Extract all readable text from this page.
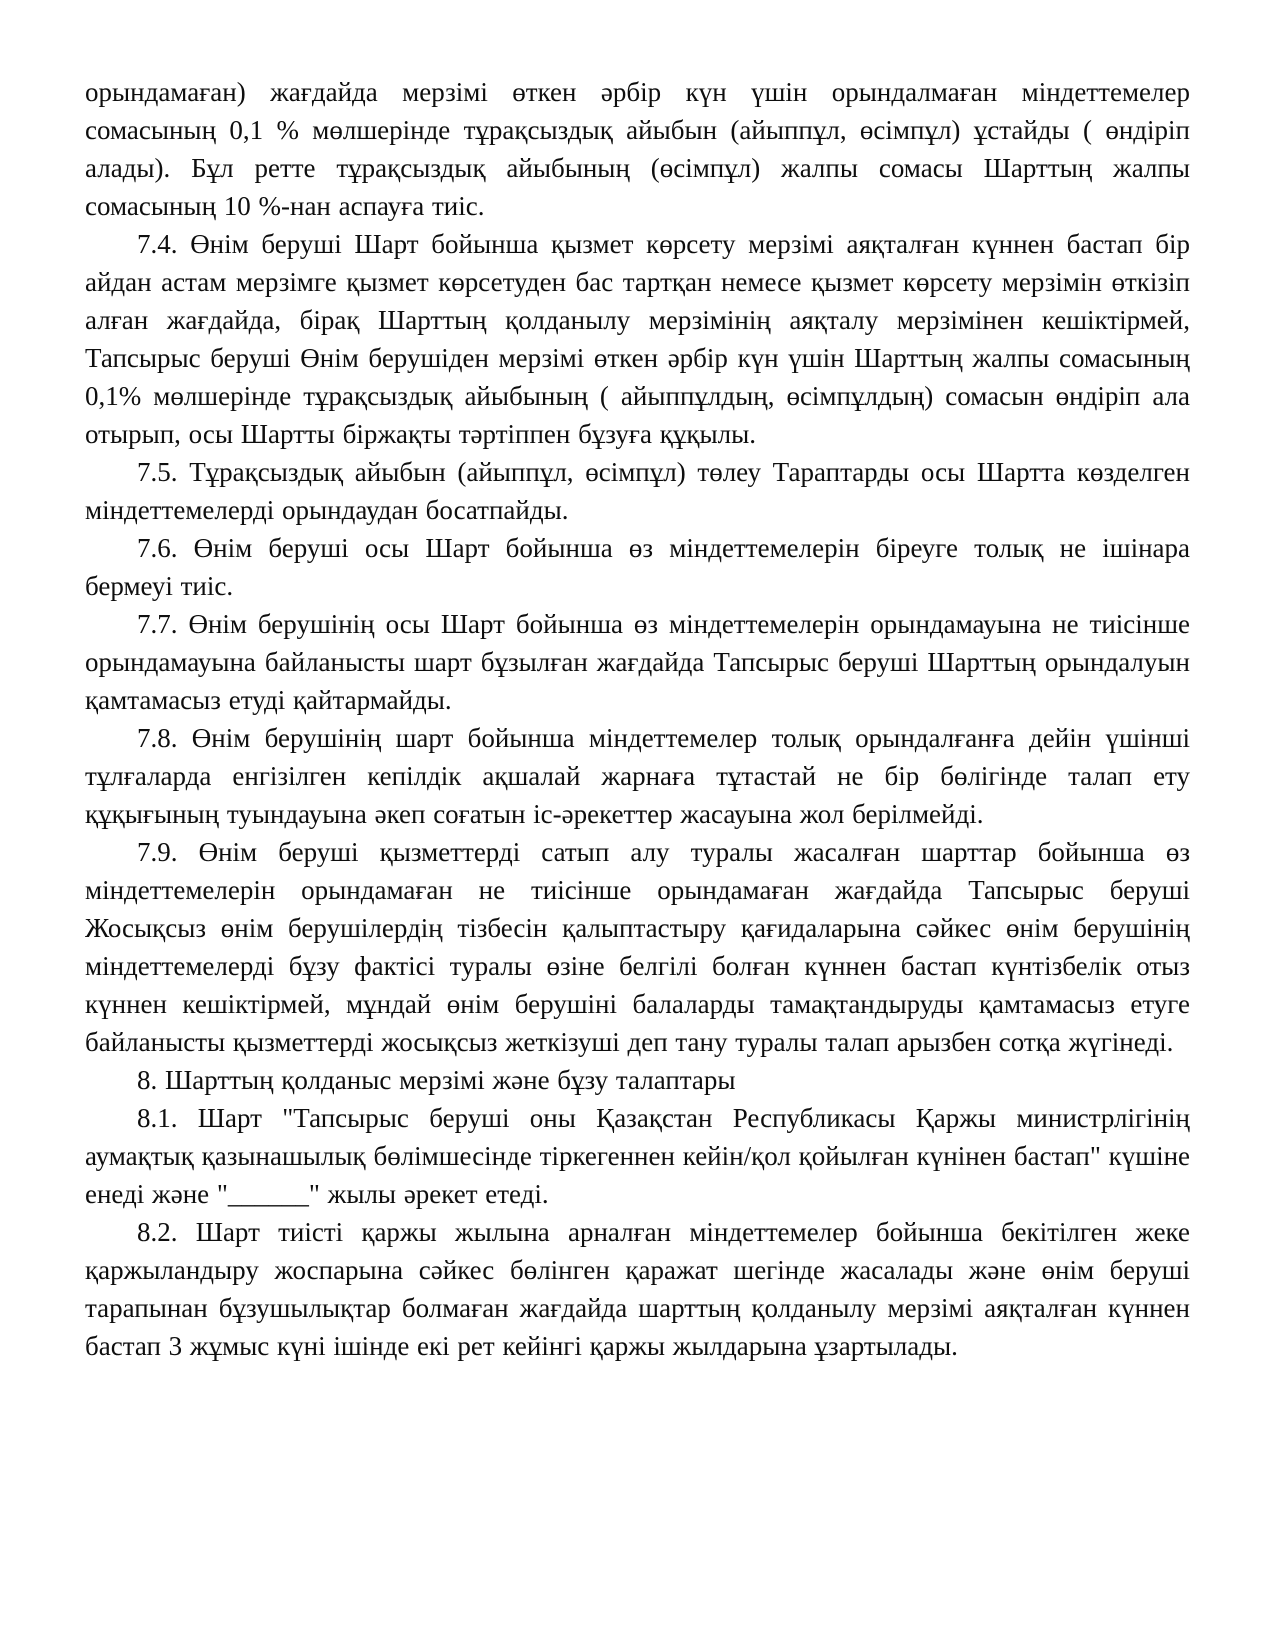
орындамаған) жағдайда мерзімі өткен әрбір күн үшін орындалмаған міндеттемелер сомасының 0,1 % мөлшерінде тұрақсыздық айыбын (айыппұл, өсімпұл) ұстайды ( өндіріп алады). Бұл ретте тұрақсыздық айыбының (өсімпұл) жалпы сомасы Шарттың жалпы сомасының 10 %-нан аспауға тиіс.

7.4. Өнім беруші Шарт бойынша қызмет көрсету мерзімі аяқталған күннен бастап бір айдан астам мерзімге қызмет көрсетуден бас тартқан немесе қызмет көрсету мерзімін өткізіп алған жағдайда, бірақ Шарттың қолданылу мерзімінің аяқталу мерзімінен кешіктірмей, Тапсырыс беруші Өнім берушіден мерзімі өткен әрбір күн үшін Шарттың жалпы сомасының 0,1% мөлшерінде тұрақсыздық айыбының ( айыппұлдың, өсімпұлдың) сомасын өндіріп ала отырып, осы Шартты біржақты тәртіппен бұзуға құқылы.

7.5. Тұрақсыздық айыбын (айыппұл, өсімпұл) төлеу Тараптарды осы Шартта көзделген міндеттемелерді орындаудан босатпайды.

7.6. Өнім беруші осы Шарт бойынша өз міндеттемелерін біреуге толық не ішінара бермеуі тиіс.

7.7. Өнім берушінің осы Шарт бойынша өз міндеттемелерін орындамауына не тиісінше орындамауына байланысты шарт бұзылған жағдайда Тапсырыс беруші Шарттың орындалуын қамтамасыз етуді қайтармайды.

7.8. Өнім берушінің шарт бойынша міндеттемелер толық орындалғанға дейін үшінші тұлғаларда енгізілген кепілдік ақшалай жарнаға тұтастай не бір бөлігінде талап ету құқығының туындауына әкеп соғатын іс-әрекеттер жасауына жол берілмейді.

7.9. Өнім беруші қызметтерді сатып алу туралы жасалған шарттар бойынша өз міндеттемелерін орындамаған не тиісінше орындамаған жағдайда Тапсырыс беруші Жосықсыз өнім берушілердің тізбесін қалыптастыру қағидаларына сәйкес өнім берушінің міндеттемелерді бұзу фактісі туралы өзіне белгілі болған күннен бастап күнтізбелік отыз күннен кешіктірмей, мұндай өнім берушіні балаларды тамақтандыруды қамтамасыз етуге байланысты қызметтерді жосықсыз жеткізуші деп тану туралы талап арызбен сотқа жүгінеді.

8. Шарттың қолданыс мерзімі және бұзу талаптары

8.1. Шарт "Тапсырыс беруші оны Қазақстан Республикасы Қаржы министрлігінің аумақтық қазынашылық бөлімшесінде тіркегеннен кейін/қол қойылған күнінен бастап" күшіне енеді және "______" жылы әрекет етеді.

8.2. Шарт тиісті қаржы жылына арналған міндеттемелер бойынша бекітілген жеке қаржыландыру жоспарына сәйкес бөлінген қаражат шегінде жасалады және өнім беруші тарапынан бұзушылықтар болмаған жағдайда шарттың қолданылу мерзімі аяқталған күннен бастап 3 жұмыс күні ішінде екі рет кейінгі қаржы жылдарына ұзартылады.
